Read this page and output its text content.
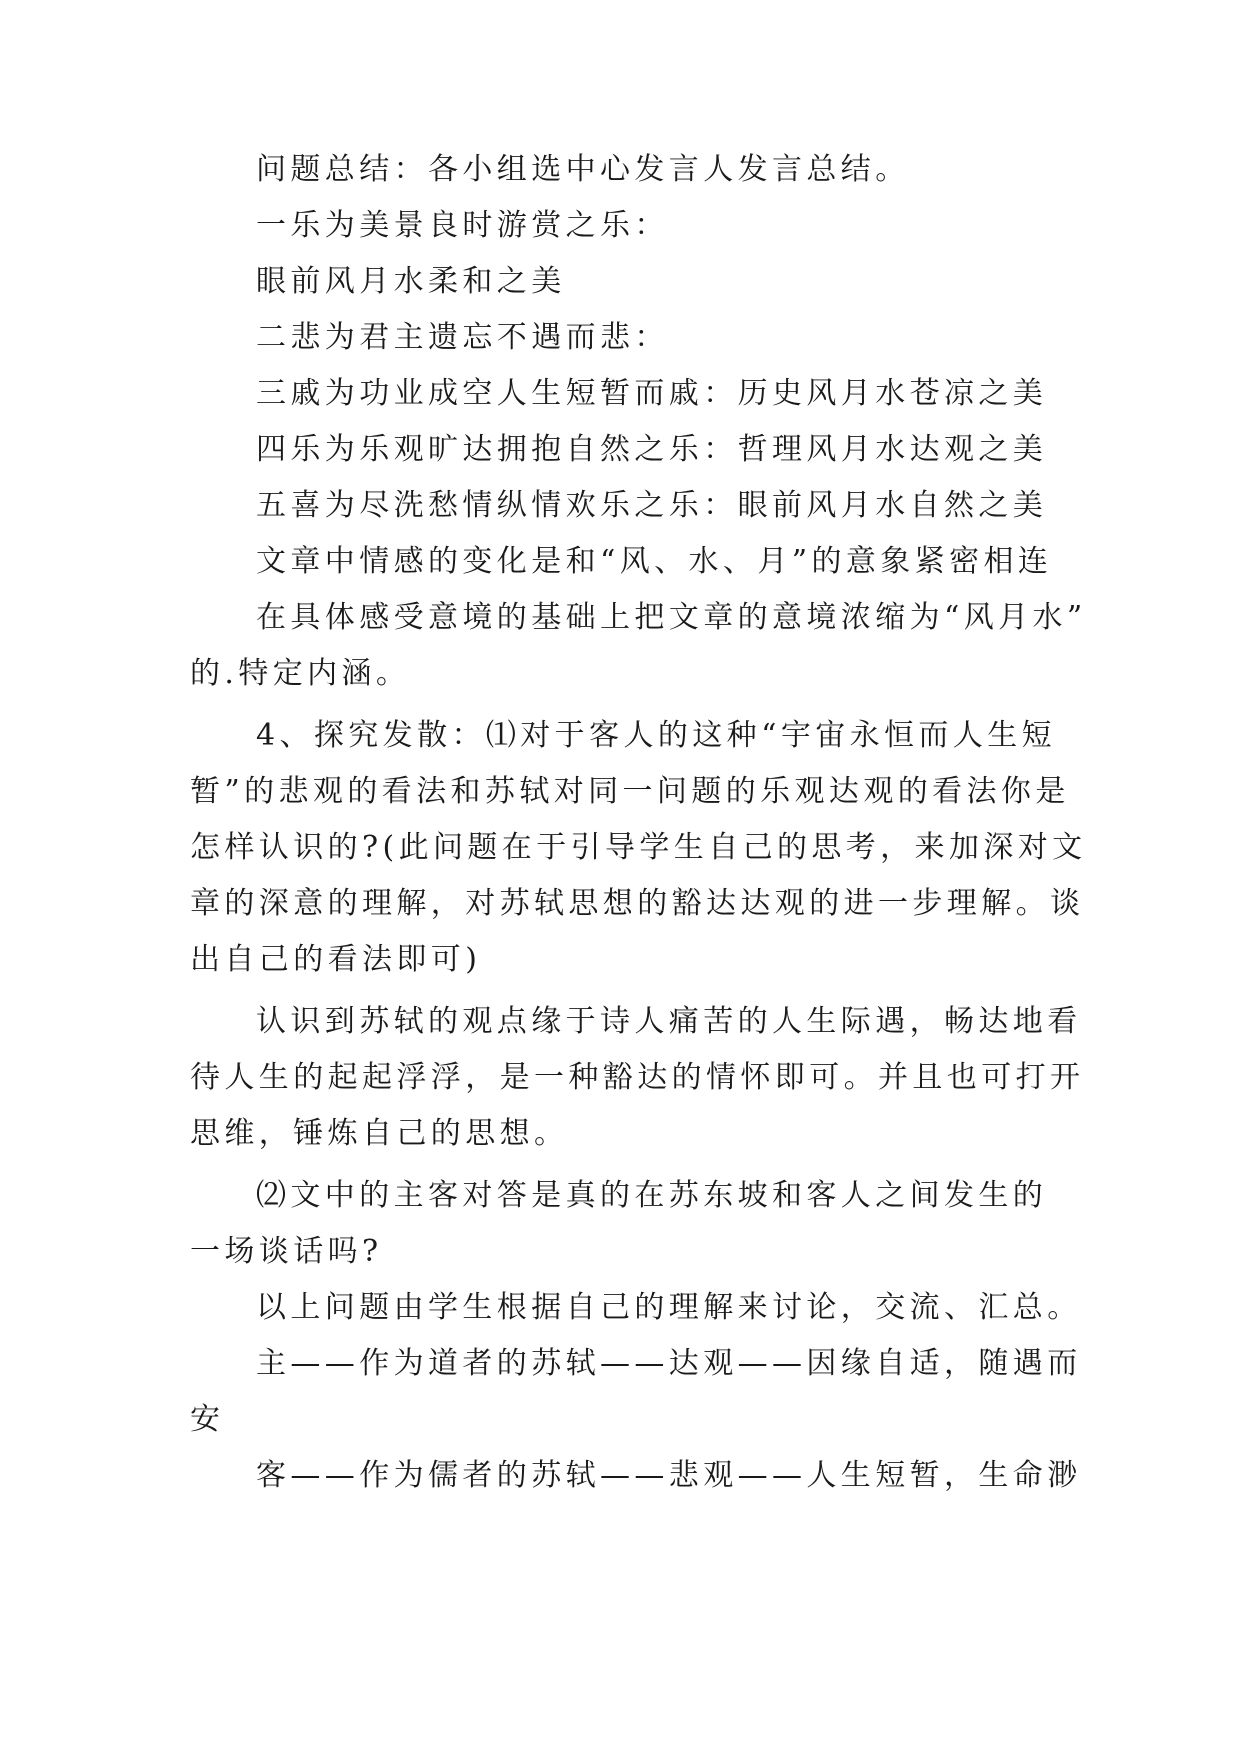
问题总结：各小组选中心发言人发言总结。
一乐为美景良时游赏之乐：
眼前风月水柔和之美
二悲为君主遗忘不遇而悲：
三戚为功业成空人生短暂而戚：历史风月水苍凉之美
四乐为乐观旷达拥抱自然之乐：哲理风月水达观之美
五喜为尽洗愁情纵情欢乐之乐：眼前风月水自然之美
文章中情感的变化是和“风、水、月”的意象紧密相连
在具体感受意境的基础上把文章的意境浓缩为“风月水”
的.特定内涵。
4、探究发散：⑴对于客人的这种“宇宙永恒而人生短
暂”的悲观的看法和苏轼对同一问题的乐观达观的看法你是
怎样认识的?(此问题在于引导学生自己的思考，来加深对文
章的深意的理解，对苏轼思想的豁达达观的进一步理解。谈
出自己的看法即可)
认识到苏轼的观点缘于诗人痛苦的人生际遇，畅达地看
待人生的起起浮浮，是一种豁达的情怀即可。并且也可打开
思维，锤炼自己的思想。
⑵文中的主客对答是真的在苏东坡和客人之间发生的
一场谈话吗?
以上问题由学生根据自己的理解来讨论，交流、汇总。
主——作为道者的苏轼——达观——因缘自适，随遇而
安
客——作为儒者的苏轼——悲观——人生短暂，生命渺
